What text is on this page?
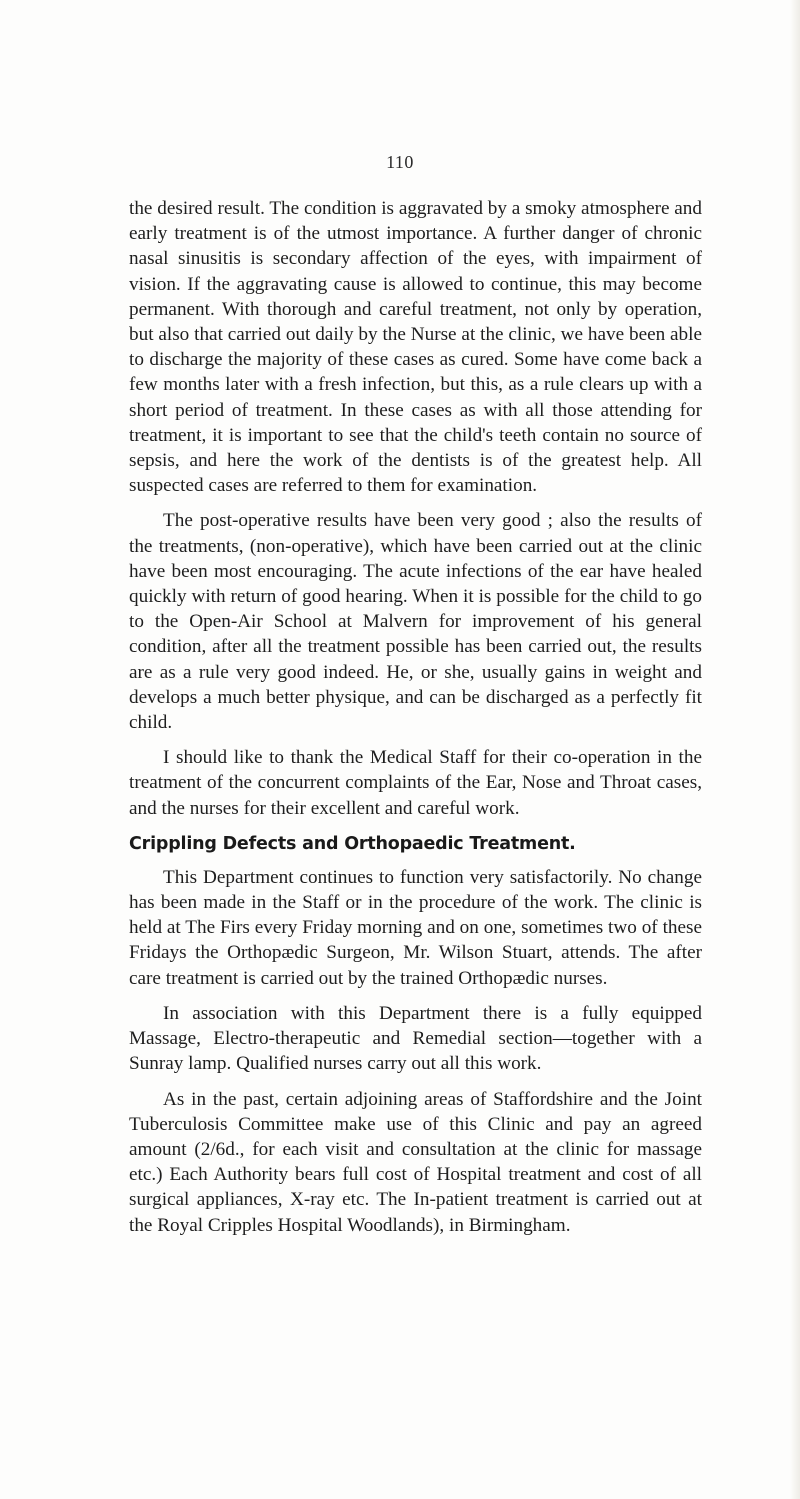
110

the desired result. The condition is aggravated by a smoky atmosphere and early treatment is of the utmost importance. A further danger of chronic nasal sinusitis is secondary affection of the eyes, with impairment of vision. If the aggravating cause is allowed to continue, this may become permanent. With thorough and careful treatment, not only by operation, but also that carried out daily by the Nurse at the clinic, we have been able to discharge the majority of these cases as cured. Some have come back a few months later with a fresh infection, but this, as a rule clears up with a short period of treatment. In these cases as with all those attending for treatment, it is important to see that the child's teeth contain no source of sepsis, and here the work of the dentists is of the greatest help. All suspected cases are referred to them for examination.

The post-operative results have been very good ; also the results of the treatments, (non-operative), which have been carried out at the clinic have been most encouraging. The acute infections of the ear have healed quickly with return of good hearing. When it is possible for the child to go to the Open-Air School at Malvern for improvement of his general condition, after all the treatment possible has been carried out, the results are as a rule very good indeed. He, or she, usually gains in weight and develops a much better physique, and can be discharged as a perfectly fit child.

I should like to thank the Medical Staff for their co-operation in the treatment of the concurrent complaints of the Ear, Nose and Throat cases, and the nurses for their excellent and careful work.

Crippling Defects and Orthopaedic Treatment.

This Department continues to function very satisfactorily. No change has been made in the Staff or in the procedure of the work. The clinic is held at The Firs every Friday morning and on one, sometimes two of these Fridays the Orthopædic Surgeon, Mr. Wilson Stuart, attends. The after care treatment is carried out by the trained Orthopædic nurses.

In association with this Department there is a fully equipped Massage, Electro-therapeutic and Remedial section—together with a Sunray lamp. Qualified nurses carry out all this work.

As in the past, certain adjoining areas of Staffordshire and the Joint Tuberculosis Committee make use of this Clinic and pay an agreed amount (2/6d., for each visit and consultation at the clinic for massage etc.) Each Authority bears full cost of Hospital treatment and cost of all surgical appliances, X-ray etc. The In-patient treatment is carried out at the Royal Cripples Hospital Woodlands), in Birmingham.
